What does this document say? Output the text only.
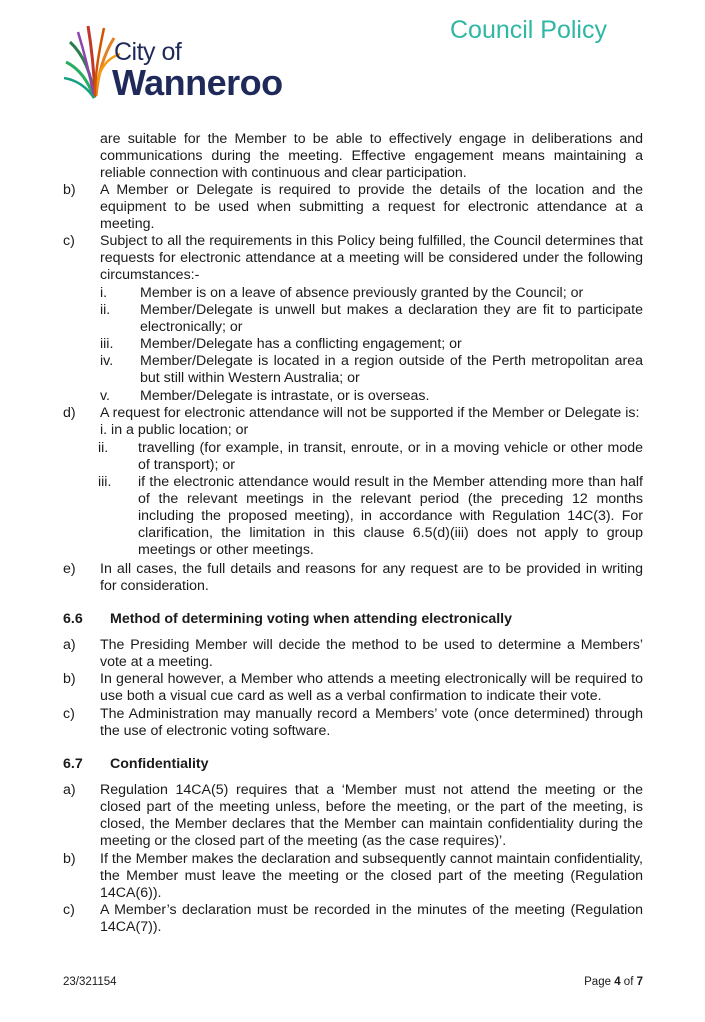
Council Policy
City of
Wanneroo
are suitable for the Member to be able to effectively engage in deliberations and communications during the meeting. Effective engagement means maintaining a reliable connection with continuous and clear participation.
b) A Member or Delegate is required to provide the details of the location and the equipment to be used when submitting a request for electronic attendance at a meeting.
c) Subject to all the requirements in this Policy being fulfilled, the Council determines that requests for electronic attendance at a meeting will be considered under the following circumstances:-
i. Member is on a leave of absence previously granted by the Council; or
ii. Member/Delegate is unwell but makes a declaration they are fit to participate electronically; or
iii. Member/Delegate has a conflicting engagement; or
iv. Member/Delegate is located in a region outside of the Perth metropolitan area but still within Western Australia; or
v. Member/Delegate is intrastate, or is overseas.
d) A request for electronic attendance will not be supported if the Member or Delegate is:
i. in a public location; or
ii. travelling (for example, in transit, enroute, or in a moving vehicle or other mode of transport); or
iii. if the electronic attendance would result in the Member attending more than half of the relevant meetings in the relevant period (the preceding 12 months including the proposed meeting), in accordance with Regulation 14C(3). For clarification, the limitation in this clause 6.5(d)(iii) does not apply to group meetings or other meetings.
e) In all cases, the full details and reasons for any request are to be provided in writing for consideration.
6.6 Method of determining voting when attending electronically
a) The Presiding Member will decide the method to be used to determine a Members’ vote at a meeting.
b) In general however, a Member who attends a meeting electronically will be required to use both a visual cue card as well as a verbal confirmation to indicate their vote.
c) The Administration may manually record a Members’ vote (once determined) through the use of electronic voting software.
6.7 Confidentiality
a) Regulation 14CA(5) requires that a ‘Member must not attend the meeting or the closed part of the meeting unless, before the meeting, or the part of the meeting, is closed, the Member declares that the Member can maintain confidentiality during the meeting or the closed part of the meeting (as the case requires)’.
b) If the Member makes the declaration and subsequently cannot maintain confidentiality, the Member must leave the meeting or the closed part of the meeting (Regulation 14CA(6)).
c) A Member’s declaration must be recorded in the minutes of the meeting (Regulation 14CA(7)).
23/321154	Page 4 of 7
